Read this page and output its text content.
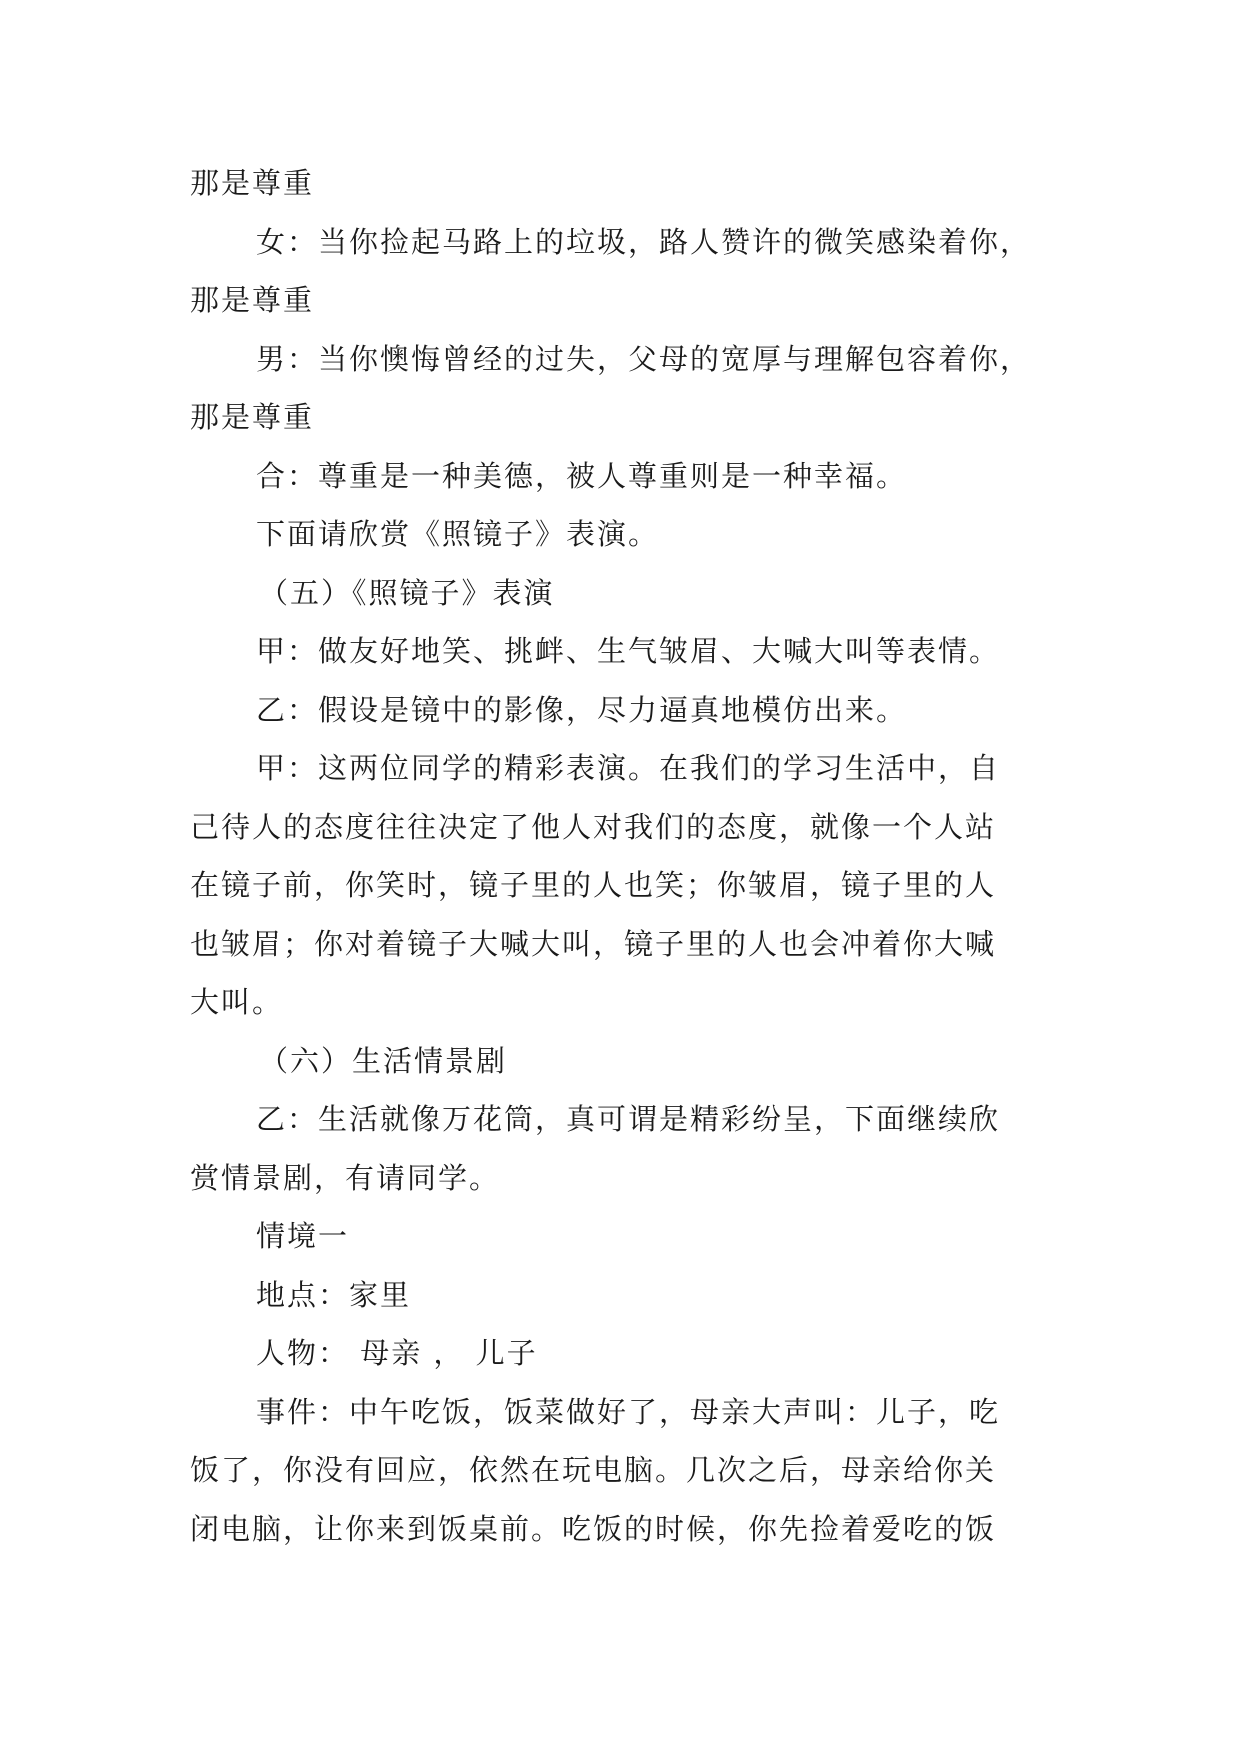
那是尊重
女：当你捡起马路上的垃圾，路人赞许的微笑感染着你，
那是尊重
男：当你懊悔曾经的过失，父母的宽厚与理解包容着你，
那是尊重
合：尊重是一种美德，被人尊重则是一种幸福。
下面请欣赏《照镜子》表演。
（五）《照镜子》表演
甲：做友好地笑、挑衅、生气皱眉、大喊大叫等表情。
乙：假设是镜中的影像，尽力逼真地模仿出来。
甲：这两位同学的精彩表演。在我们的学习生活中，自
己待人的态度往往决定了他人对我们的态度，就像一个人站
在镜子前，你笑时，镜子里的人也笑；你皱眉，镜子里的人
也皱眉；你对着镜子大喊大叫，镜子里的人也会冲着你大喊
大叫。
（六）生活情景剧
乙：生活就像万花筒，真可谓是精彩纷呈，下面继续欣
赏情景剧，有请同学。
情境一
地点：家里
人物： 母亲 ， 儿子
事件：中午吃饭，饭菜做好了，母亲大声叫：儿子，吃
饭了，你没有回应，依然在玩电脑。几次之后，母亲给你关
闭电脑，让你来到饭桌前。吃饭的时候，你先捡着爱吃的饭
